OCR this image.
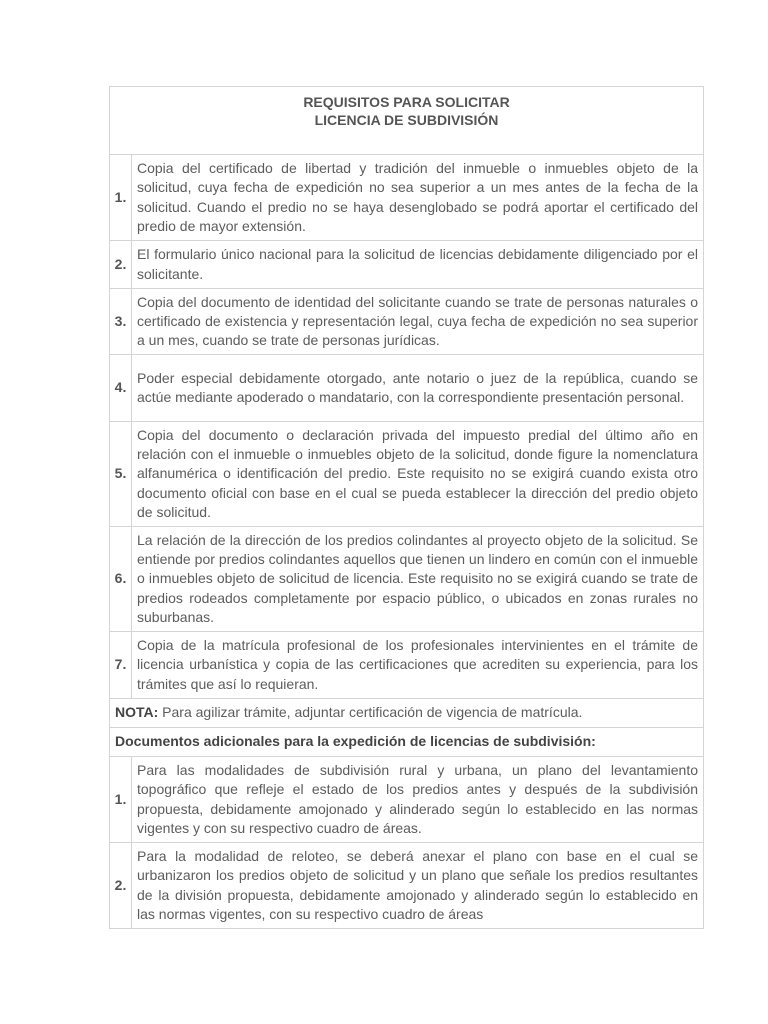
REQUISITOS PARA SOLICITAR
LICENCIA DE SUBDIVISIÓN	

1.	Copia del certificado de libertad y tradición del inmueble o inmuebles objeto de la solicitud, cuya fecha de expedición no sea superior a un mes antes de la fecha de la solicitud. Cuando el predio no se haya desenglobado se podrá aportar el certificado del predio de mayor extensión.
2.	El formulario único nacional para la solicitud de licencias debidamente diligenciado por el solicitante.
3.	Copia del documento de identidad del solicitante cuando se trate de personas naturales o certificado de existencia y representación legal, cuya fecha de expedición no sea superior a un mes, cuando se trate de personas jurídicas.
4.	Poder especial debidamente otorgado, ante notario o juez de la república, cuando se actúe mediante apoderado o mandatario, con la correspondiente presentación personal.
5.	Copia del documento o declaración privada del impuesto predial del último año en relación con el inmueble o inmuebles objeto de la solicitud, donde figure la nomenclatura alfanumérica o identificación del predio. Este requisito no se exigirá cuando exista otro documento oficial con base en el cual se pueda establecer la dirección del predio objeto de solicitud.
6.	La relación de la dirección de los predios colindantes al proyecto objeto de la solicitud. Se entiende por predios colindantes aquellos que tienen un lindero en común con el inmueble o inmuebles objeto de solicitud de licencia. Este requisito no se exigirá cuando se trate de predios rodeados completamente por espacio público, o ubicados en zonas rurales no suburbanas.
7.	Copia de la matrícula profesional de los profesionales intervinientes en el trámite de licencia urbanística y copia de las certificaciones que acrediten su experiencia, para los trámites que así lo requieran.
NOTA: Para agilizar trámite, adjuntar certificación de vigencia de matrícula.	
Documentos adicionales para la expedición de licencias de subdivisión:	
1.	Para las modalidades de subdivisión rural y urbana, un plano del levantamiento topográfico que refleje el estado de los predios antes y después de la subdivisión propuesta, debidamente amojonado y alinderado según lo establecido en las normas vigentes y con su respectivo cuadro de áreas.
2.	Para la modalidad de reloteo, se deberá anexar el plano con base en el cual se urbanizaron los predios objeto de solicitud y un plano que señale los predios resultantes de la división propuesta, debidamente amojonado y alinderado según lo establecido en las normas vigentes, con su respectivo cuadro de áreas
